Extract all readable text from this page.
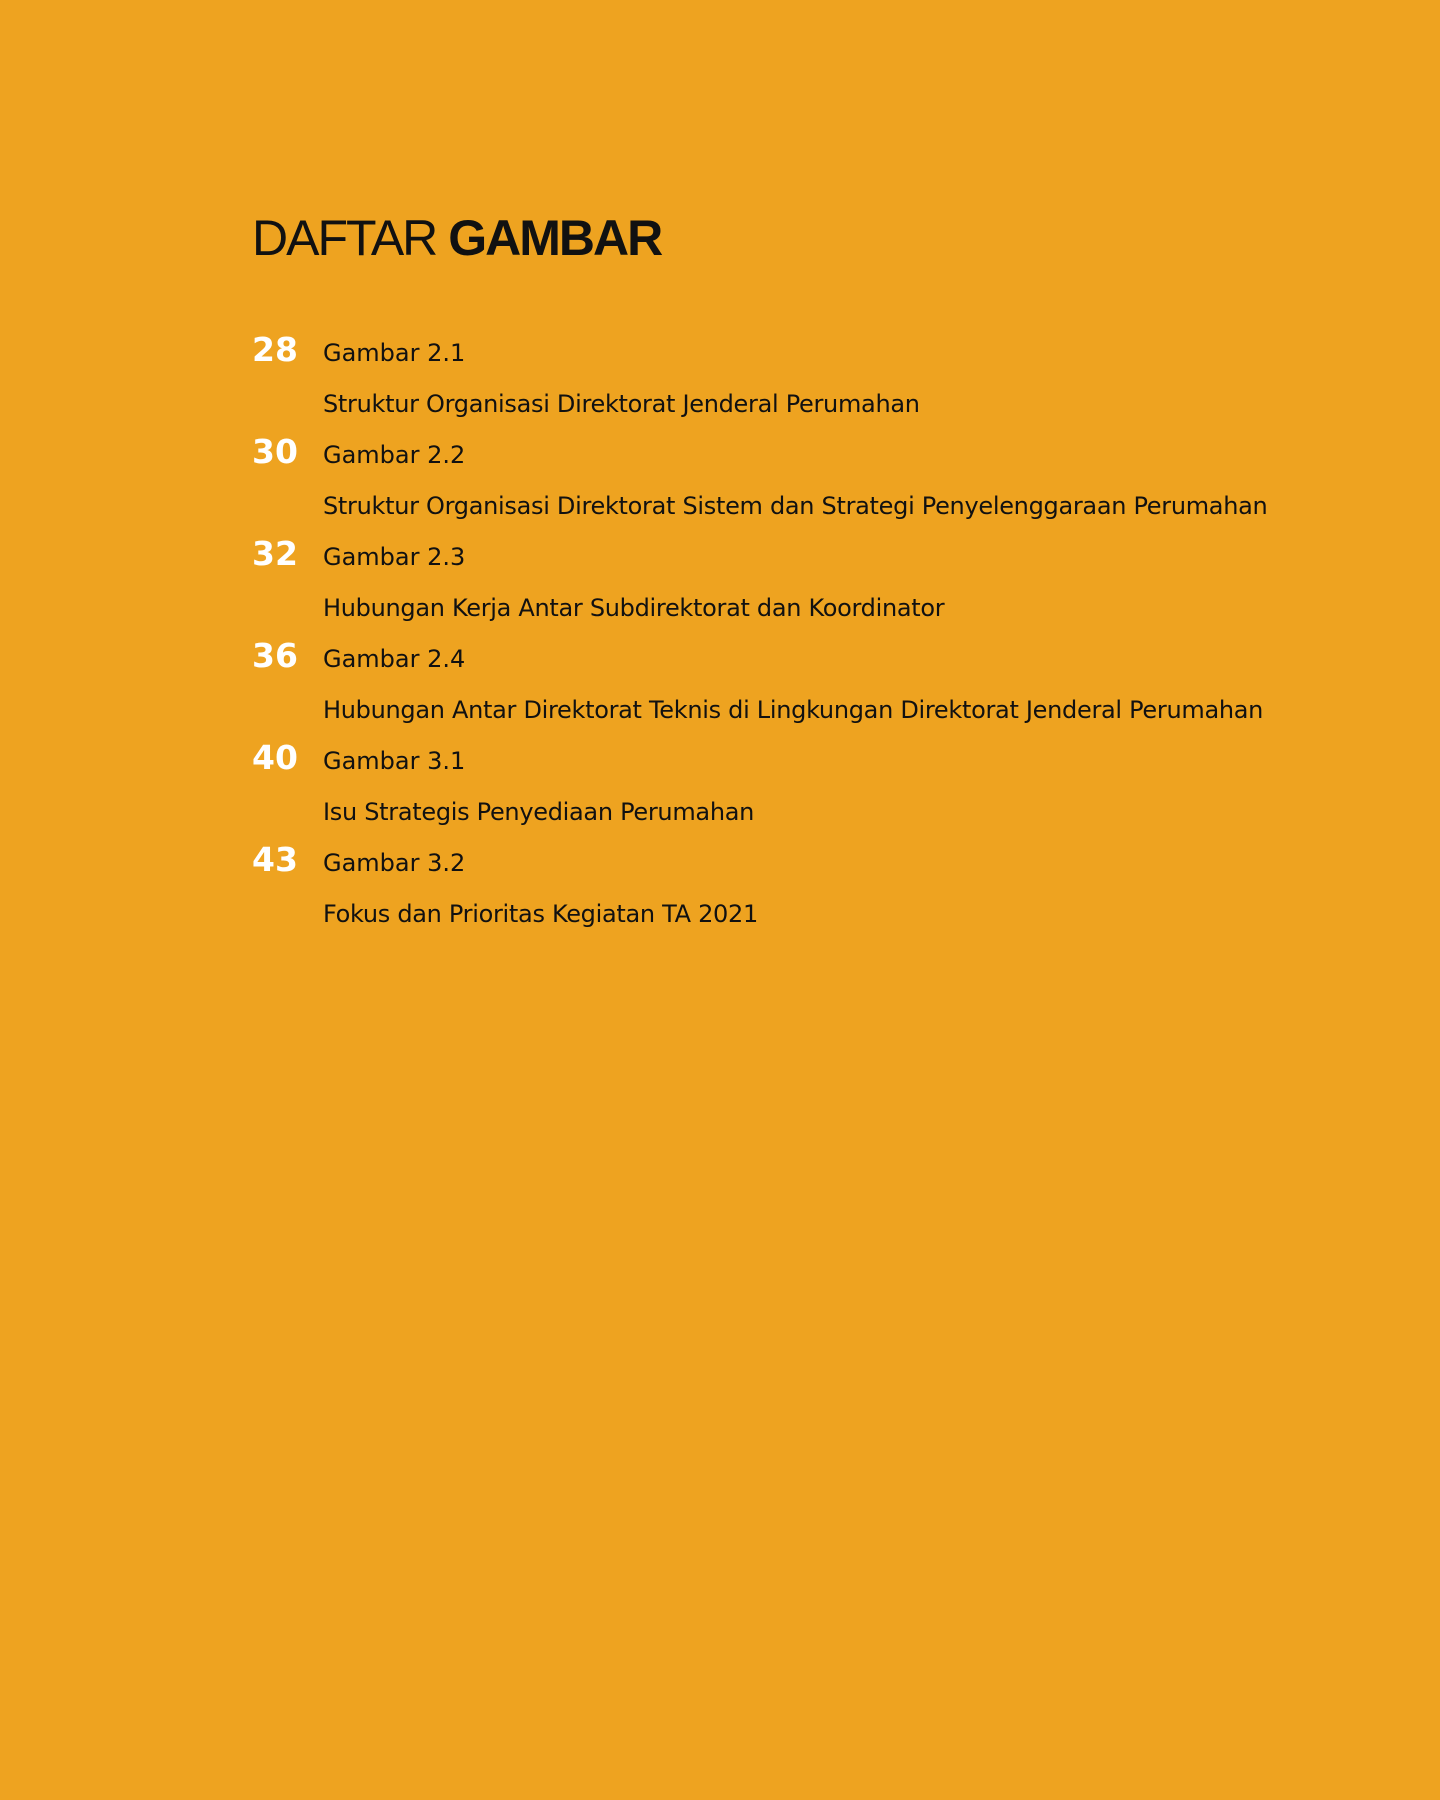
DAFTAR GAMBAR
28 Gambar 2.1
Struktur Organisasi Direktorat Jenderal Perumahan
30 Gambar 2.2
Struktur Organisasi Direktorat Sistem dan Strategi Penyelenggaraan Perumahan
32 Gambar 2.3
Hubungan Kerja Antar Subdirektorat dan Koordinator
36 Gambar 2.4
Hubungan Antar Direktorat Teknis di Lingkungan Direktorat Jenderal Perumahan
40 Gambar 3.1
Isu Strategis Penyediaan Perumahan
43 Gambar 3.2
Fokus dan Prioritas Kegiatan TA 2021
